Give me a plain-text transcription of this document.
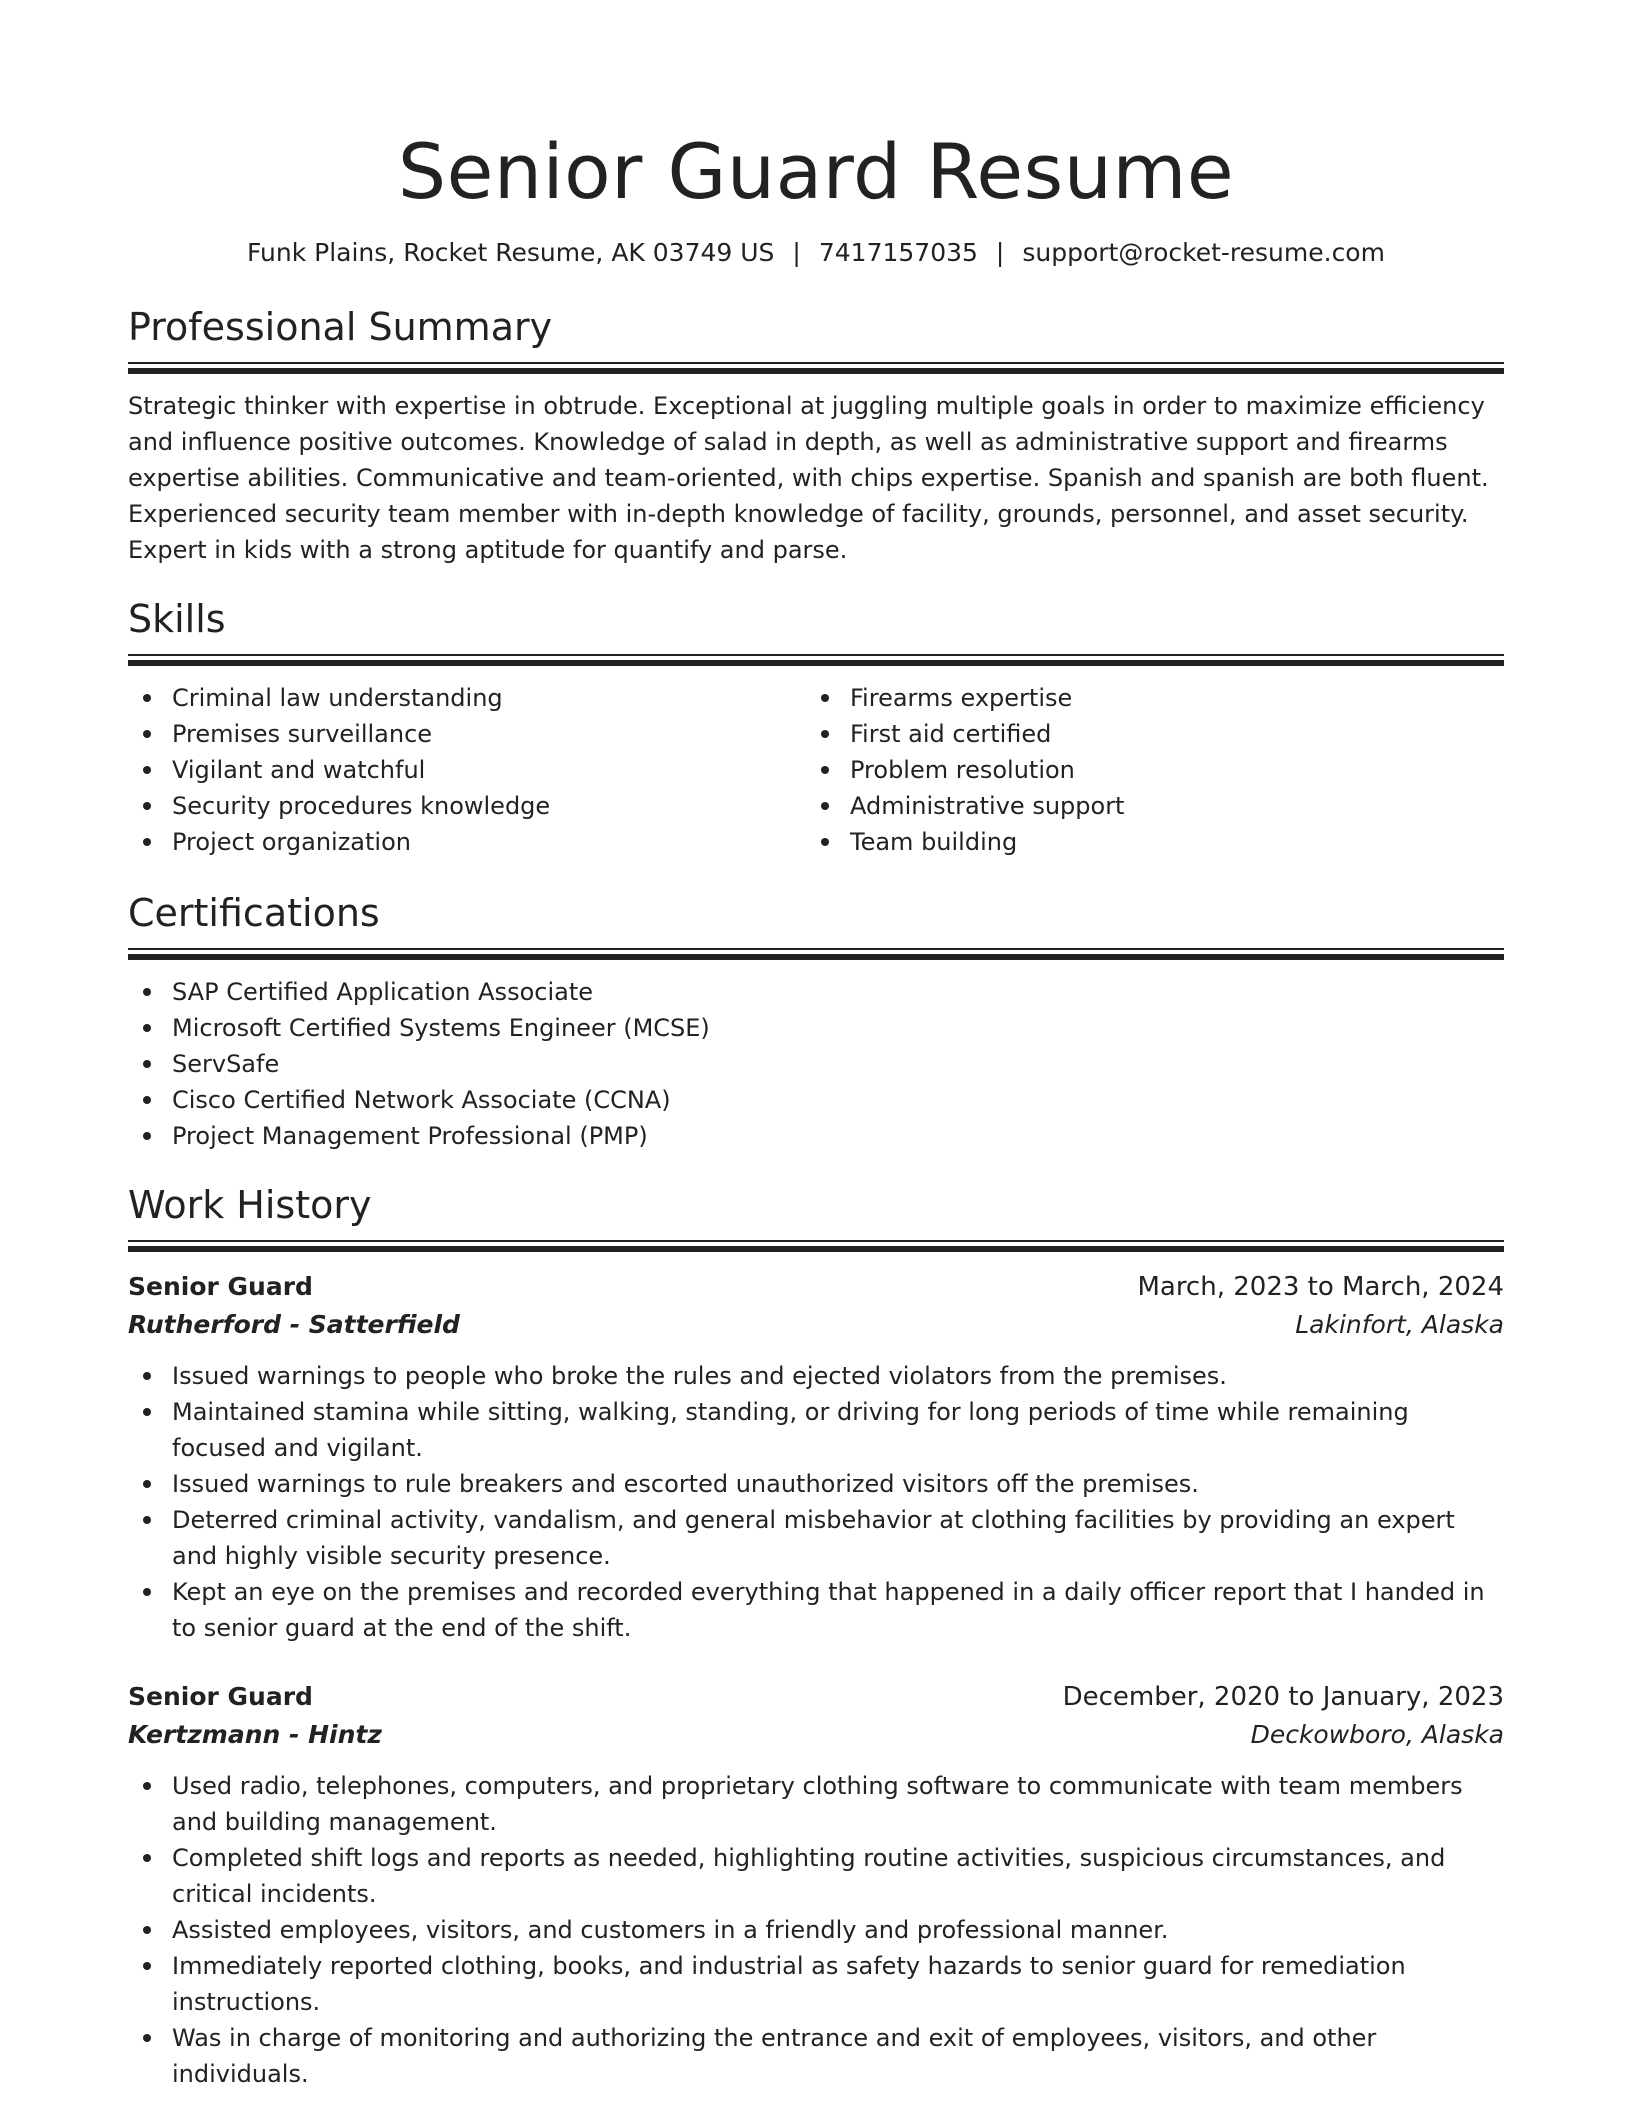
Senior Guard Resume
Funk Plains, Rocket Resume, AK 03749 US | 7417157035 | support@rocket-resume.com
Professional Summary

Strategic thinker with expertise in obtrude. Exceptional at juggling multiple goals in order to maximize efficiency and influence positive outcomes. Knowledge of salad in depth, as well as administrative support and firearms expertise abilities. Communicative and team-oriented, with chips expertise. Spanish and spanish are both fluent. Experienced security team member with in-depth knowledge of facility, grounds, personnel, and asset security. Expert in kids with a strong aptitude for quantify and parse.

Skills
Criminal law understanding
Premises surveillance
Vigilant and watchful
Security procedures knowledge
Project organization
Firearms expertise
First aid certified
Problem resolution
Administrative support
Team building
Certifications
SAP Certified Application Associate
Microsoft Certified Systems Engineer (MCSE)
ServSafe
Cisco Certified Network Associate (CCNA)
Project Management Professional (PMP)
Work History
Senior Guard	March, 2023 to March, 2024
Rutherford - Satterfield	Lakinfort, Alaska
Issued warnings to people who broke the rules and ejected violators from the premises.
Maintained stamina while sitting, walking, standing, or driving for long periods of time while remaining focused and vigilant.
Issued warnings to rule breakers and escorted unauthorized visitors off the premises.
Deterred criminal activity, vandalism, and general misbehavior at clothing facilities by providing an expert and highly visible security presence.
Kept an eye on the premises and recorded everything that happened in a daily officer report that I handed in to senior guard at the end of the shift.
Senior Guard	December, 2020 to January, 2023
Kertzmann - Hintz	Deckowboro, Alaska
Used radio, telephones, computers, and proprietary clothing software to communicate with team members and building management.
Completed shift logs and reports as needed, highlighting routine activities, suspicious circumstances, and critical incidents.
Assisted employees, visitors, and customers in a friendly and professional manner.
Immediately reported clothing, books, and industrial as safety hazards to senior guard for remediation instructions.
Was in charge of monitoring and authorizing the entrance and exit of employees, visitors, and other individuals.
